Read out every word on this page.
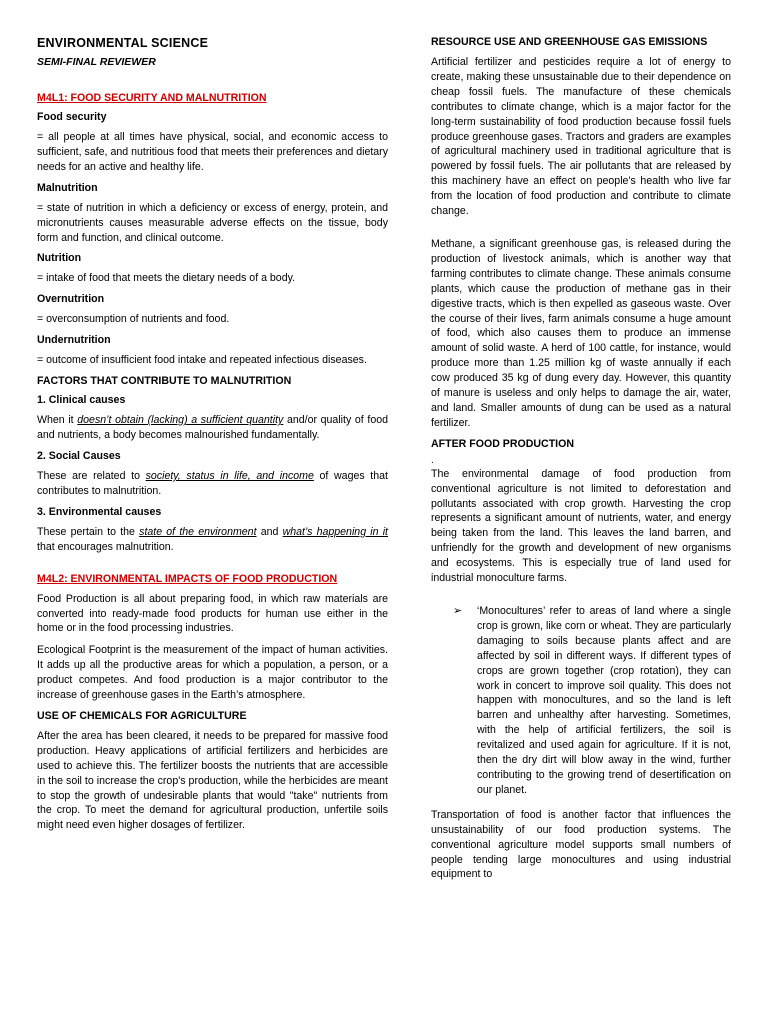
ENVIRONMENTAL SCIENCE
SEMI-FINAL REVIEWER
M4L1: FOOD SECURITY AND MALNUTRITION
Food security

= all people at all times have physical, social, and economic access to sufficient, safe, and nutritious food that meets their preferences and dietary needs for an active and healthy life.

Malnutrition

= state of nutrition in which a deficiency or excess of energy, protein, and micronutrients causes measurable adverse effects on the tissue, body form and function, and clinical outcome.

Nutrition

= intake of food that meets the dietary needs of a body.

Overnutrition

= overconsumption of nutrients and food.

Undernutrition

= outcome of insufficient food intake and repeated infectious diseases.

FACTORS THAT CONTRIBUTE TO MALNUTRITION
1. Clinical causes

When it doesn’t obtain (lacking) a sufficient quantity and/or quality of food and nutrients, a body becomes malnourished fundamentally.

2. Social Causes

These are related to society, status in life, and income of wages that contributes to malnutrition.

3. Environmental causes

These pertain to the state of the environment and what’s happening in it that encourages malnutrition.

M4L2: ENVIRONMENTAL IMPACTS OF FOOD PRODUCTION

Food Production is all about preparing food, in which raw materials are converted into ready-made food products for human use either in the home or in the food processing industries.

Ecological Footprint is the measurement of the impact of human activities. It adds up all the productive areas for which a population, a person, or a product competes. And food production is a major contributor to the increase of greenhouse gases in the Earth’s atmosphere.

USE OF CHEMICALS FOR AGRICULTURE

After the area has been cleared, it needs to be prepared for massive food production. Heavy applications of artificial fertilizers and herbicides are used to achieve this. The fertilizer boosts the nutrients that are accessible in the soil to increase the crop's production, while the herbicides are meant to stop the growth of undesirable plants that would "take" nutrients from the crop. To meet the demand for agricultural production, unfertile soils might need even higher dosages of fertilizer.

RESOURCE USE AND GREENHOUSE GAS EMISSIONS

Artificial fertilizer and pesticides require a lot of energy to create, making these unsustainable due to their dependence on cheap fossil fuels. The manufacture of these chemicals contributes to climate change, which is a major factor for the long-term sustainability of food production because fossil fuels produce greenhouse gases. Tractors and graders are examples of agricultural machinery used in traditional agriculture that is powered by fossil fuels. The air pollutants that are released by this machinery have an effect on people's health who live far from the location of food production and contribute to climate change.

Methane, a significant greenhouse gas, is released during the production of livestock animals, which is another way that farming contributes to climate change. These animals consume plants, which cause the production of methane gas in their digestive tracts, which is then expelled as gaseous waste. Over the course of their lives, farm animals consume a huge amount of food, which also causes them to produce an immense amount of solid waste. A herd of 100 cattle, for instance, would produce more than 1.25 million kg of waste annually if each cow produced 35 kg of dung every day. However, this quantity of manure is useless and only helps to damage the air, water, and land. Smaller amounts of dung can be used as a natural fertilizer.

AFTER FOOD PRODUCTION
.

The environmental damage of food production from conventional agriculture is not limited to deforestation and pollutants associated with crop growth. Harvesting the crop represents a significant amount of nutrients, water, and energy being taken from the land. This leaves the land barren, and unfriendly for the growth and development of new organisms and ecosystems. This is especially true of land used for industrial monoculture farms.

➢ ‘Monocultures’ refer to areas of land where a single crop is grown, like corn or wheat. They are particularly damaging to soils because plants affect and are affected by soil in different ways. If different types of crops are grown together (crop rotation), they can work in concert to improve soil quality. This does not happen with monocultures, and so the land is left barren and unhealthy after harvesting. Sometimes, with the help of artificial fertilizers, the soil is revitalized and used again for agriculture. If it is not, then the dry dirt will blow away in the wind, further contributing to the growing trend of desertification on our planet.

Transportation of food is another factor that influences the unsustainability of our food production systems. The conventional agriculture model supports small numbers of people tending large monocultures and using industrial equipment to
